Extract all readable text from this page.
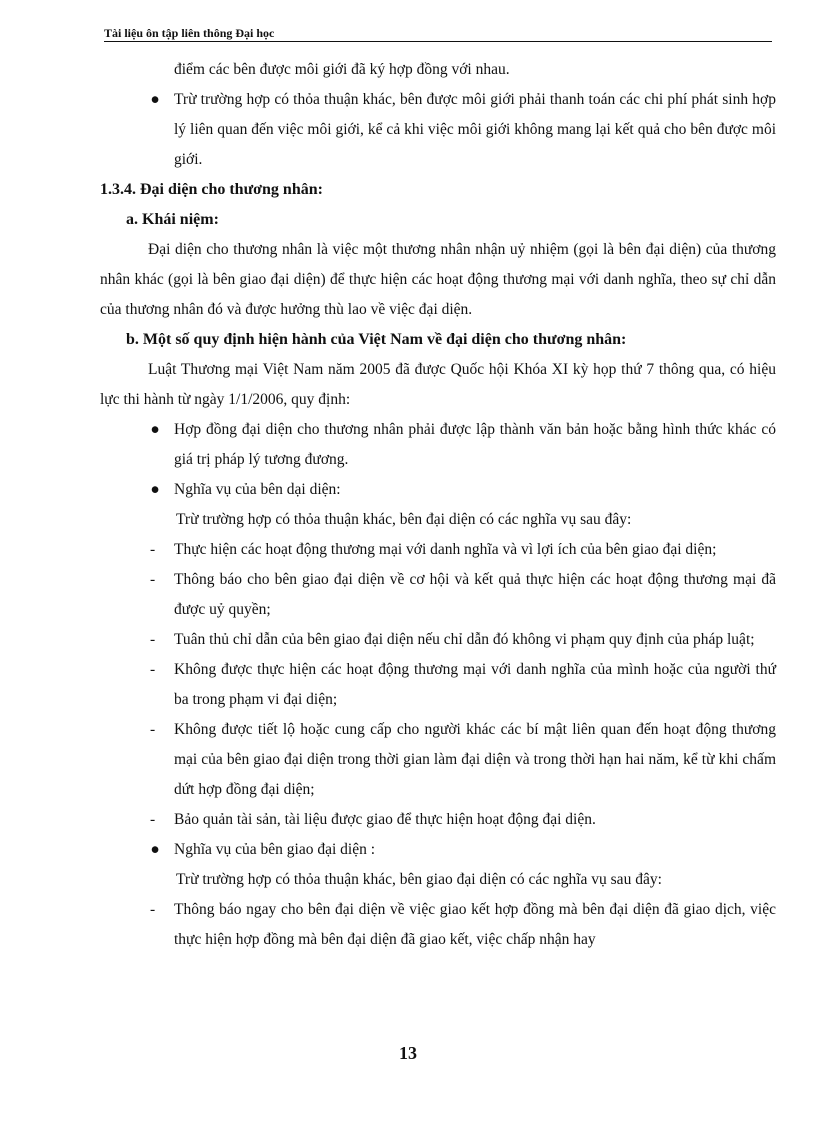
Tài liệu ôn tập liên thông Đại học

điểm các bên được môi giới đã ký hợp đồng với nhau.

● Trừ trường hợp có thỏa thuận khác, bên được môi giới phải thanh toán các chi phí phát sinh hợp lý liên quan đến việc môi giới, kể cả khi việc môi giới không mang lại kết quả cho bên được môi giới.

1.3.4. Đại diện cho thương nhân:

a. Khái niệm:

Đại diện cho thương nhân là việc một thương nhân nhận uỷ nhiệm (gọi là bên đại diện) của thương nhân khác (gọi là bên giao đại diện) để thực hiện các hoạt động thương mại với danh nghĩa, theo sự chỉ dẫn của thương nhân đó và được hưởng thù lao về việc đại diện.

b. Một số quy định hiện hành của Việt Nam về đại diện cho thương nhân:

Luật Thương mại Việt Nam năm 2005 đã được Quốc hội Khóa XI kỳ họp thứ 7 thông qua, có hiệu lực thi hành từ ngày 1/1/2006, quy định:

● Hợp đồng đại diện cho thương nhân phải được lập thành văn bản hoặc bằng hình thức khác có giá trị pháp lý tương đương.
● Nghĩa vụ của bên dại diện:

Trừ trường hợp có thỏa thuận khác, bên đại diện có các nghĩa vụ sau đây:

- Thực hiện các hoạt động thương mại với danh nghĩa và vì lợi ích của bên giao đại diện;
- Thông báo cho bên giao đại diện về cơ hội và kết quả thực hiện các hoạt động thương mại đã được uỷ quyền;
- Tuân thủ chỉ dẫn của bên giao đại diện nếu chỉ dẫn đó không vi phạm quy định của pháp luật;
- Không được thực hiện các hoạt động thương mại với danh nghĩa của mình hoặc của người thứ ba trong phạm vi đại diện;
- Không được tiết lộ hoặc cung cấp cho người khác các bí mật liên quan đến hoạt động thương mại của bên giao đại diện trong thời gian làm đại diện và trong thời hạn hai năm, kể từ khi chấm dứt hợp đồng đại diện;
- Bảo quản tài sản, tài liệu được giao để thực hiện hoạt động đại diện.
● Nghĩa vụ của bên giao đại diện :

Trừ trường hợp có thỏa thuận khác, bên giao đại diện có các nghĩa vụ sau đây:

- Thông báo ngay cho bên đại diện về việc giao kết hợp đồng mà bên đại diện đã giao dịch, việc thực hiện hợp đồng mà bên đại diện đã giao kết, việc chấp nhận hay
13
